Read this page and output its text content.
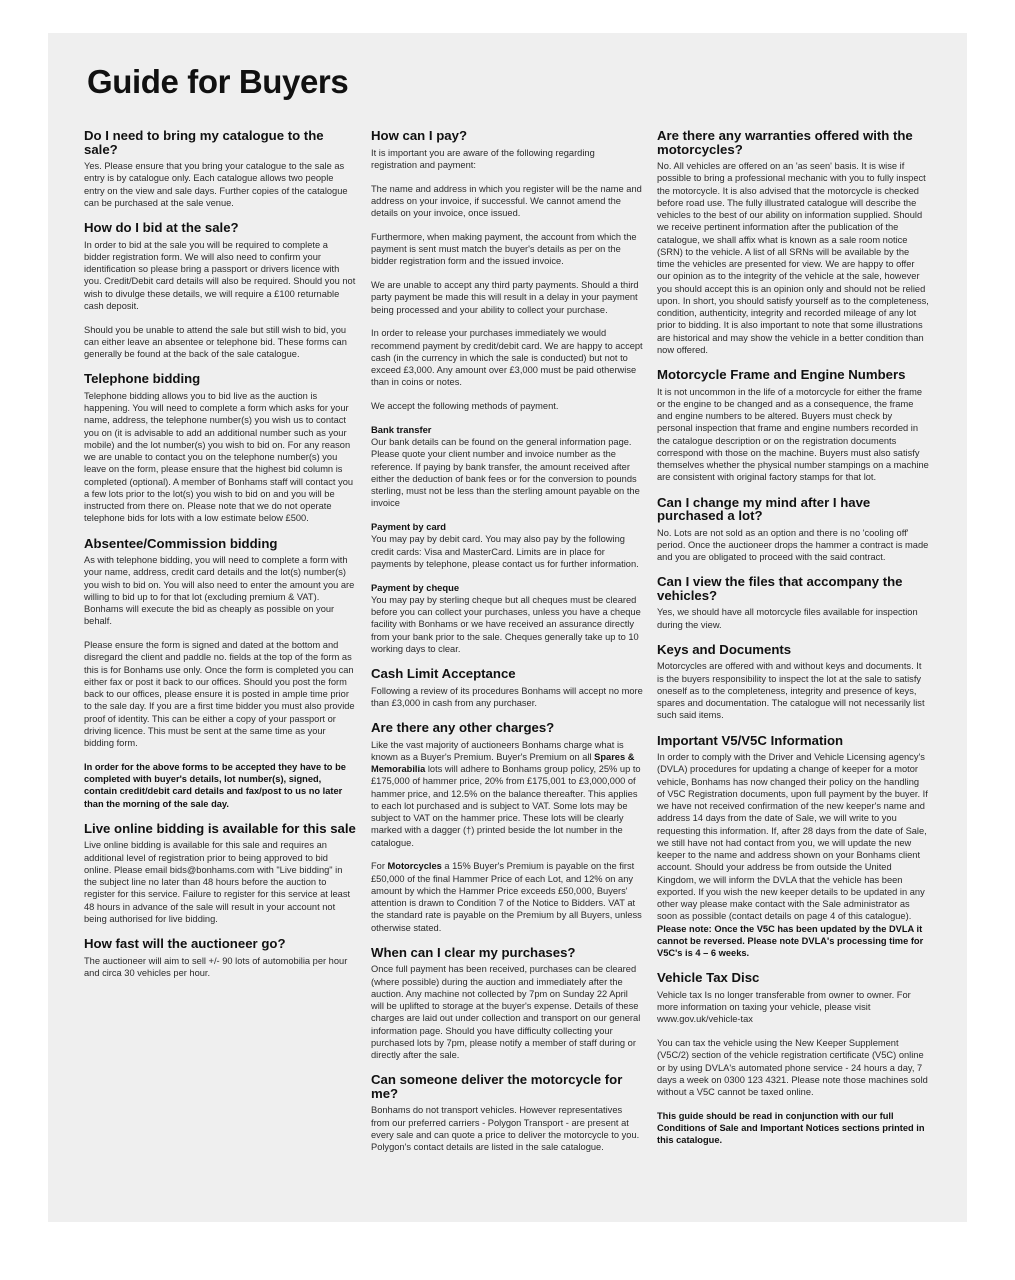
Guide for Buyers
Do I need to bring my catalogue to the sale?

Yes. Please ensure that you bring your catalogue to the sale as entry is by catalogue only. Each catalogue allows two people entry on the view and sale days. Further copies of the catalogue can be purchased at the sale venue.

How do I bid at the sale?

In order to bid at the sale you will be required to complete a bidder registration form. We will also need to confirm your identification so please bring a passport or drivers licence with you. Credit/Debit card details will also be required. Should you not wish to divulge these details, we will require a £100 returnable cash deposit.

Should you be unable to attend the sale but still wish to bid, you can either leave an absentee or telephone bid. These forms can generally be found at the back of the sale catalogue.

Telephone bidding

Telephone bidding allows you to bid live as the auction is happening. You will need to complete a form which asks for your name, address, the telephone number(s) you wish us to contact you on (it is advisable to add an additional number such as your mobile) and the lot number(s) you wish to bid on. For any reason we are unable to contact you on the telephone number(s) you leave on the form, please ensure that the highest bid column is completed (optional). A member of Bonhams staff will contact you a few lots prior to the lot(s) you wish to bid on and you will be instructed from there on. Please note that we do not operate telephone bids for lots with a low estimate below £500.

Absentee/Commission bidding

As with telephone bidding, you will need to complete a form with your name, address, credit card details and the lot(s) number(s) you wish to bid on. You will also need to enter the amount you are willing to bid up to for that lot (excluding premium & VAT). Bonhams will execute the bid as cheaply as possible on your behalf.

Please ensure the form is signed and dated at the bottom and disregard the client and paddle no. fields at the top of the form as this is for Bonhams use only. Once the form is completed you can either fax or post it back to our offices. Should you post the form back to our offices, please ensure it is posted in ample time prior to the sale day. If you are a first time bidder you must also provide proof of identity. This can be either a copy of your passport or driving licence. This must be sent at the same time as your bidding form.

In order for the above forms to be accepted they have to be completed with buyer's details, lot number(s), signed, contain credit/debit card details and fax/post to us no later than the morning of the sale day.

Live online bidding is available for this sale

Live online bidding is available for this sale and requires an additional level of registration prior to being approved to bid online. Please email bids@bonhams.com with "Live bidding" in the subject line no later than 48 hours before the auction to register for this service. Failure to register for this service at least 48 hours in advance of the sale will result in your account not being authorised for live bidding.

How fast will the auctioneer go?

The auctioneer will aim to sell +/- 90 lots of automobilia per hour and circa 30 vehicles per hour.

How can I pay?

It is important you are aware of the following regarding registration and payment:

The name and address in which you register will be the name and address on your invoice, if successful. We cannot amend the details on your invoice, once issued.

Furthermore, when making payment, the account from which the payment is sent must match the buyer's details as per on the bidder registration form and the issued invoice.

We are unable to accept any third party payments. Should a third party payment be made this will result in a delay in your payment being processed and your ability to collect your purchase.

In order to release your purchases immediately we would recommend payment by credit/debit card. We are happy to accept cash (in the currency in which the sale is conducted) but not to exceed £3,000. Any amount over £3,000 must be paid otherwise than in coins or notes.

We accept the following methods of payment.

Bank transfer

Our bank details can be found on the general information page. Please quote your client number and invoice number as the reference. If paying by bank transfer, the amount received after either the deduction of bank fees or for the conversion to pounds sterling, must not be less than the sterling amount payable on the invoice

Payment by card

You may pay by debit card. You may also pay by the following credit cards: Visa and MasterCard. Limits are in place for payments by telephone, please contact us for further information.

Payment by cheque

You may pay by sterling cheque but all cheques must be cleared before you can collect your purchases, unless you have a cheque facility with Bonhams or we have received an assurance directly from your bank prior to the sale. Cheques generally take up to 10 working days to clear.

Cash Limit Acceptance

Following a review of its procedures Bonhams will accept no more than £3,000 in cash from any purchaser.

Are there any other charges?

Like the vast majority of auctioneers Bonhams charge what is known as a Buyer's Premium. Buyer's Premium on all Spares & Memorabilia lots will adhere to Bonhams group policy, 25% up to £175,000 of hammer price, 20% from £175,001 to £3,000,000 of hammer price, and 12.5% on the balance thereafter. This applies to each lot purchased and is subject to VAT. Some lots may be subject to VAT on the hammer price. These lots will be clearly marked with a dagger (†) printed beside the lot number in the catalogue.

For Motorcycles a 15% Buyer's Premium is payable on the first £50,000 of the final Hammer Price of each Lot, and 12% on any amount by which the Hammer Price exceeds £50,000, Buyers' attention is drawn to Condition 7 of the Notice to Bidders. VAT at the standard rate is payable on the Premium by all Buyers, unless otherwise stated.

When can I clear my purchases?

Once full payment has been received, purchases can be cleared (where possible) during the auction and immediately after the auction. Any machine not collected by 7pm on Sunday 22 April will be uplifted to storage at the buyer's expense. Details of these charges are laid out under collection and transport on our general information page. Should you have difficulty collecting your purchased lots by 7pm, please notify a member of staff during or directly after the sale.

Can someone deliver the motorcycle for me?

Bonhams do not transport vehicles. However representatives from our preferred carriers - Polygon Transport - are present at every sale and can quote a price to deliver the motorcycle to you. Polygon's contact details are listed in the sale catalogue.

Are there any warranties offered with the motorcycles?

No. All vehicles are offered on an 'as seen' basis. It is wise if possible to bring a professional mechanic with you to fully inspect the motorcycle. It is also advised that the motorcycle is checked before road use. The fully illustrated catalogue will describe the vehicles to the best of our ability on information supplied. Should we receive pertinent information after the publication of the catalogue, we shall affix what is known as a sale room notice (SRN) to the vehicle. A list of all SRNs will be available by the time the vehicles are presented for view. We are happy to offer our opinion as to the integrity of the vehicle at the sale, however you should accept this is an opinion only and should not be relied upon. In short, you should satisfy yourself as to the completeness, condition, authenticity, integrity and recorded mileage of any lot prior to bidding. It is also important to note that some illustrations are historical and may show the vehicle in a better condition than now offered.

Motorcycle Frame and Engine Numbers

It is not uncommon in the life of a motorcycle for either the frame or the engine to be changed and as a consequence, the frame and engine numbers to be altered. Buyers must check by personal inspection that frame and engine numbers recorded in the catalogue description or on the registration documents correspond with those on the machine. Buyers must also satisfy themselves whether the physical number stampings on a machine are consistent with original factory stamps for that lot.

Can I change my mind after I have purchased a lot?

No. Lots are not sold as an option and there is no 'cooling off' period. Once the auctioneer drops the hammer a contract is made and you are obligated to proceed with the said contract.

Can I view the files that accompany the vehicles?

Yes, we should have all motorcycle files available for inspection during the view.

Keys and Documents

Motorcycles are offered with and without keys and documents. It is the buyers responsibility to inspect the lot at the sale to satisfy oneself as to the completeness, integrity and presence of keys, spares and documentation. The catalogue will not necessarily list such said items.

Important V5/V5C Information

In order to comply with the Driver and Vehicle Licensing agency's (DVLA) procedures for updating a change of keeper for a motor vehicle, Bonhams has now changed their policy on the handling of V5C Registration documents, upon full payment by the buyer. If we have not received confirmation of the new keeper's name and address 14 days from the date of Sale, we will write to you requesting this information. If, after 28 days from the date of Sale, we still have not had contact from you, we will update the new keeper to the name and address shown on your Bonhams client account. Should your address be from outside the United Kingdom, we will inform the DVLA that the vehicle has been exported. If you wish the new keeper details to be updated in any other way please make contact with the Sale administrator as soon as possible (contact details on page 4 of this catalogue).
Please note: Once the V5C has been updated by the DVLA it cannot be reversed. Please note DVLA's processing time for V5C's is 4 – 6 weeks.

Vehicle Tax Disc

Vehicle tax Is no longer transferable from owner to owner. For more information on taxing your vehicle, please visit www.gov.uk/vehicle-tax

You can tax the vehicle using the New Keeper Supplement (V5C/2) section of the vehicle registration certificate (V5C) online or by using DVLA's automated phone service - 24 hours a day, 7 days a week on 0300 123 4321. Please note those machines sold without a V5C cannot be taxed online.

This guide should be read in conjunction with our full Conditions of Sale and Important Notices sections printed in this catalogue.
